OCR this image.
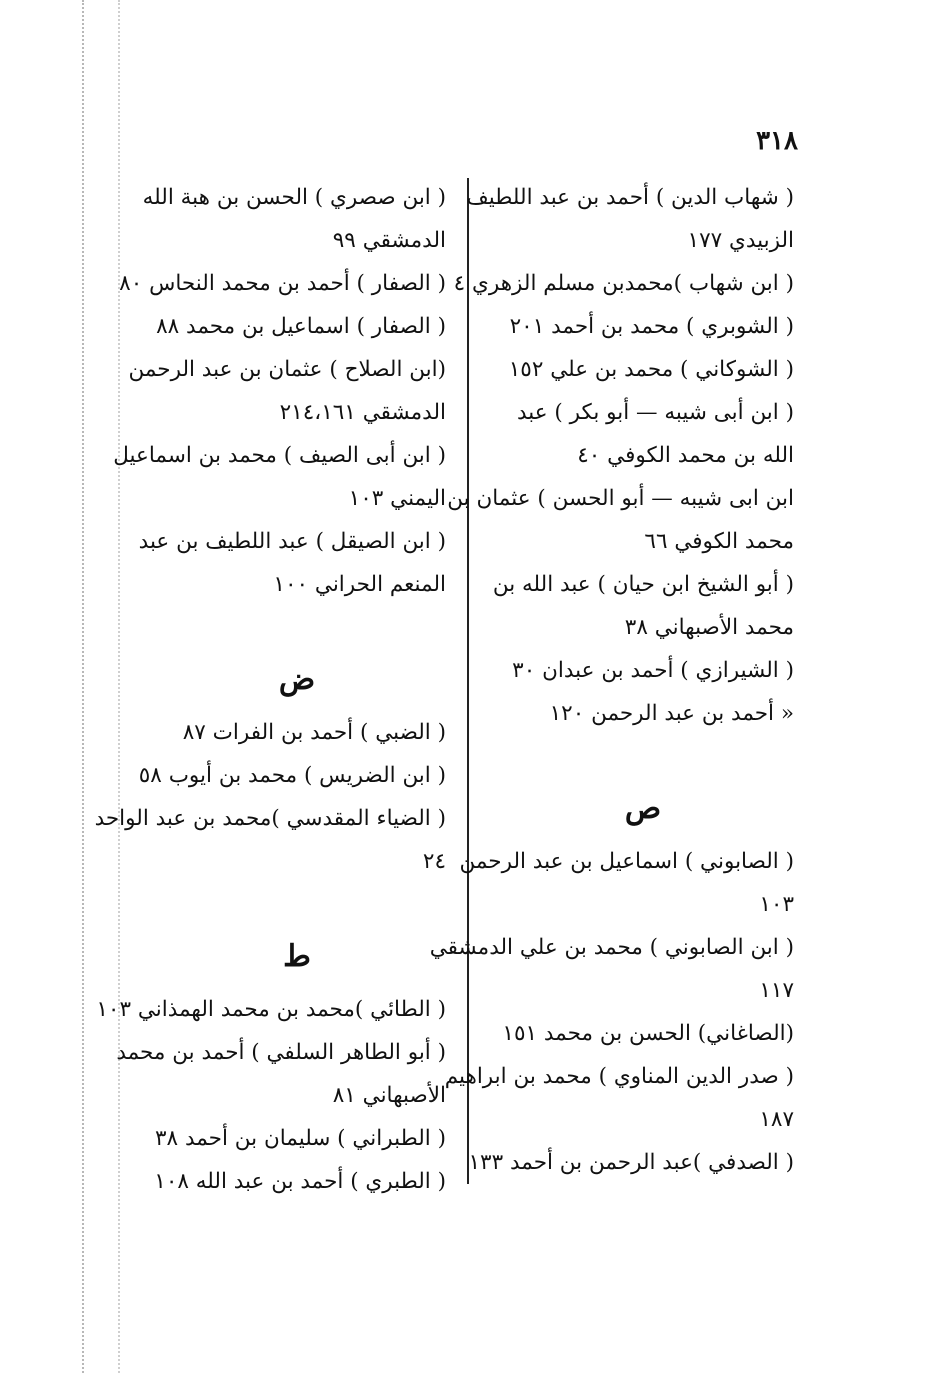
٣١٨
( شهاب الدين ) أحمد بن عبد اللطيف
الزبيدي ١٧٧
( ابن شهاب )محمدبن مسلم الزهري ٤
( الشوبري ) محمد بن أحمد ٢٠١
( الشوكاني ) محمد بن علي ١٥٢
( ابن أبى شيبه — أبو بكر ) عبد
الله بن محمد الكوفي ٤٠
ابن ابى شيبه — أبو الحسن ) عثمان بن
محمد الكوفي ٦٦
( أبو الشيخ ابن حيان ) عبد الله بن
محمد الأصبهاني ٣٨
( الشيرازي ) أحمد بن عبدان ٣٠
« أحمد بن عبد الرحمن ١٢٠
ص
( الصابوني ) اسماعيل بن عبد الرحمن
١٠٣
( ابن الصابوني ) محمد بن علي الدمشقي
١١٧
(الصاغاني) الحسن بن محمد ١٥١
( صدر الدين المناوي ) محمد بن ابراهيم
١٨٧
( الصدفي )عبد الرحمن بن أحمد ١٣٣
( ابن صصري ) الحسن بن هبة الله
الدمشقي ٩٩
( الصفار ) أحمد بن محمد النحاس ٨٠
( الصفار ) اسماعيل بن محمد ٨٨
(ابن الصلاح ) عثمان بن عبد الرحمن
الدمشقي ٢١٤،١٦١
( ابن أبى الصيف ) محمد بن اسماعيل
اليمني ١٠٣
( ابن الصيقل ) عبد اللطيف بن عبد
المنعم الحراني ١٠٠
ض
( الضبي ) أحمد بن الفرات ٨٧
( ابن الضريس ) محمد بن أيوب ٥٨
( الضياء المقدسي )محمد بن عبد الواحد
٢٤
ط
( الطائي )محمد بن محمد الهمذاني ١٠٣
( أبو الطاهر السلفي ) أحمد بن محمد
الأصبهاني ٨١
( الطبراني ) سليمان بن أحمد ٣٨
( الطبري ) أحمد بن عبد الله ١٠٨
